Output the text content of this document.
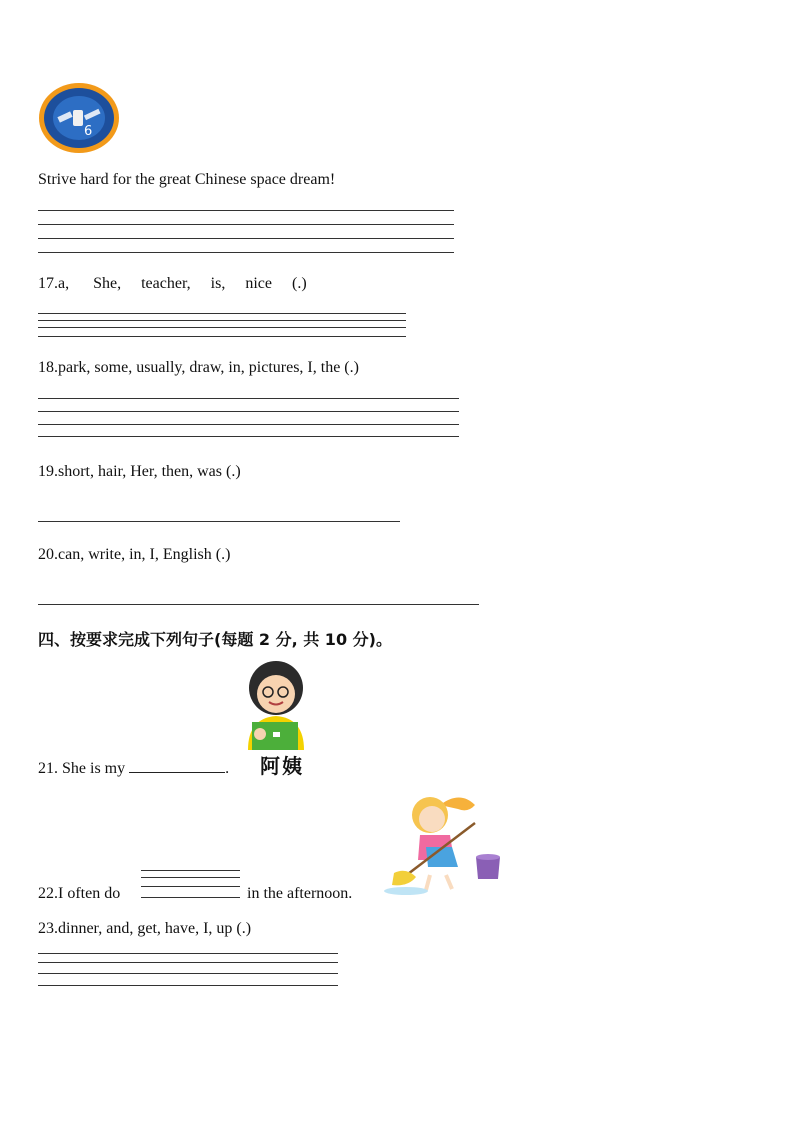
6
Strive hard for the great Chinese space dream!
17.a, She, teacher, is, nice (.)
18.park, some, usually, draw, in, pictures, I, the (.)
19.short, hair, Her, then, was (.)
20.can, write, in, I, English (.)
四、按要求完成下列句子(每题 2 分, 共 10 分)。
阿姨
21. She is my	.
22.I often do	in the afternoon.
23.dinner, and, get, have, I, up (.)
